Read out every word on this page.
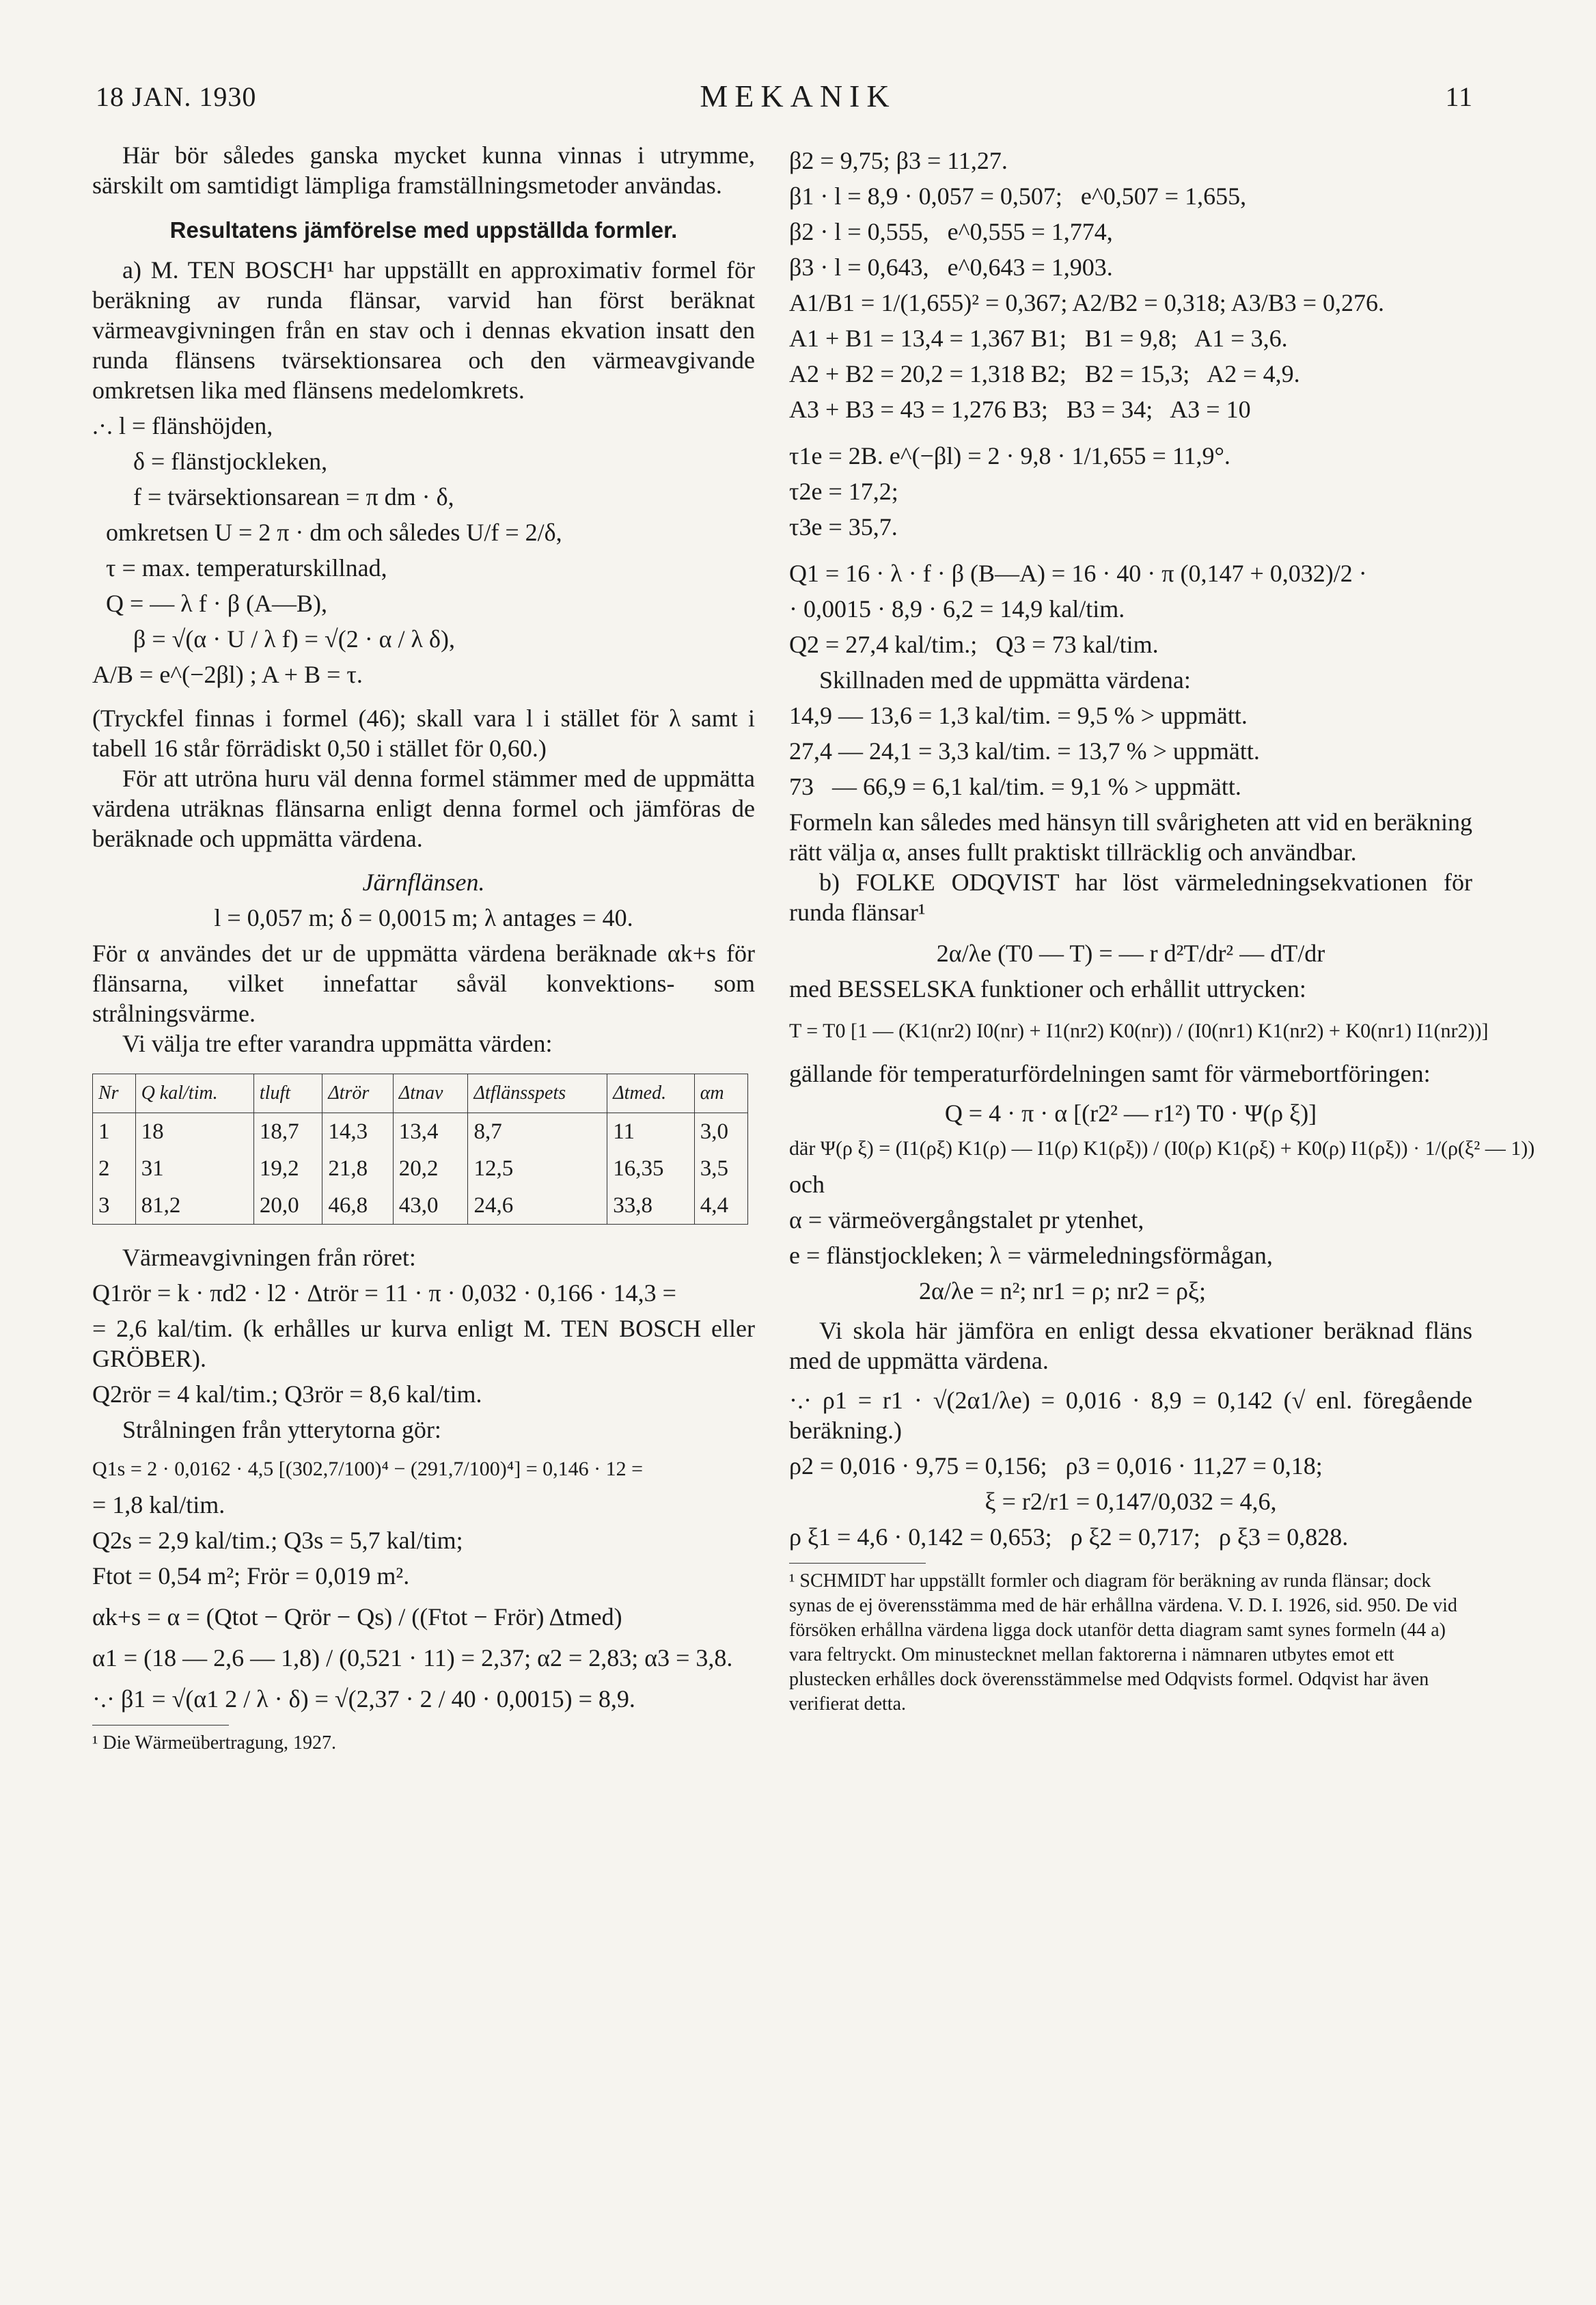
18 JAN. 1930	MEKANIK	11

Här bör således ganska mycket kunna vinnas i utrymme, särskilt om samtidigt lämpliga framställningsmetoder användas.

Resultatens jämförelse med uppställda formler.

a) M. TEN BOSCH¹ har uppställt en approximativ formel för beräkning av runda flänsar, varvid han först beräknat värmeavgivningen från en stav och i dennas ekvation insatt den runda flänsens tvärsektionsarea och den värmeavgivande omkretsen lika med flänsens medelomkrets.

.·. l = flänshöjden,
δ = flänstjockleken,
f = tvärsektionsarean = π dm · δ,
omkretsen U = 2 π · dm och således U/f = 2/δ,
τ = max. temperaturskillnad,
Q = — λ f · β (A—B),
β = √(α · U / λ f) = √(2 · α / λ δ),
A/B = e^(−2βl) ; A + B = τ.

(Tryckfel finnas i formel (46); skall vara l i stället för λ samt i tabell 16 står förrädiskt 0,50 i stället för 0,60.)

För att utröna huru väl denna formel stämmer med de uppmätta värdena uträknas flänsarna enligt denna formel och jämföras de beräknade och uppmätta värdena.

Järnflänsen.
l = 0,057 m; δ = 0,0015 m; λ antages = 40.

För α användes det ur de uppmätta värdena beräknade αk+s för flänsarna, vilket innefattar såväl konvektions- som strålningsvärme.

Vi välja tre efter varandra uppmätta värden:

Nr	Q kal/tim.	tluft	Δtrör	Δtnav	Δtflänsspets	Δtmed.	αm
1	18	18,7	14,3	13,4	8,7	11	3,0
2	31	19,2	21,8	20,2	12,5	16,35	3,5
3	81,2	20,0	46,8	43,0	24,6	33,8	4,4

Värmeavgivningen från röret:

Q1rör = k · πd2 · l2 · Δtrör = 11 · π · 0,032 · 0,166 · 14,3 =

= 2,6 kal/tim. (k erhålles ur kurva enligt M. TEN BOSCH eller GRÖBER).

Q2rör = 4 kal/tim.; Q3rör = 8,6 kal/tim.

Strålningen från ytterytorna gör:

Q1s = 2 · 0,0162 · 4,5 [(302,7/100)⁴ − (291,7/100)⁴] = 0,146 · 12 =
= 1,8 kal/tim.
Q2s = 2,9 kal/tim.; Q3s = 5,7 kal/tim;
Ftot = 0,54 m²; Frör = 0,019 m².
αk+s = α = (Qtot − Qrör − Qs) / ((Ftot − Frör) Δtmed)
α1 = (18 — 2,6 — 1,8) / (0,521 · 11) = 2,37; α2 = 2,83; α3 = 3,8.
·.· β1 = √(α1 2 / λ · δ) = √(2,37 · 2 / 40 · 0,0015) = 8,9.
¹ Die Wärmeübertragung, 1927.
β2 = 9,75; β3 = 11,27.
β1 · l = 8,9 · 0,057 = 0,507;   e^0,507 = 1,655,
β2 · l = 0,555,   e^0,555 = 1,774,
β3 · l = 0,643,   e^0,643 = 1,903.
A1/B1 = 1/(1,655)² = 0,367; A2/B2 = 0,318; A3/B3 = 0,276.
A1 + B1 = 13,4 = 1,367 B1;   B1 = 9,8;   A1 = 3,6.
A2 + B2 = 20,2 = 1,318 B2;   B2 = 15,3;   A2 = 4,9.
A3 + B3 = 43 = 1,276 B3;   B3 = 34;   A3 = 10
τ1e = 2B. e^(−βl) = 2 · 9,8 · 1/1,655 = 11,9°.
τ2e = 17,2;
τ3e = 35,7.
Q1 = 16 · λ · f · β (B—A) = 16 · 40 · π (0,147 + 0,032)/2 ·
· 0,0015 · 8,9 · 6,2 = 14,9 kal/tim.
Q2 = 27,4 kal/tim.;   Q3 = 73 kal/tim.

Skillnaden med de uppmätta värdena:

14,9 — 13,6 = 1,3 kal/tim. = 9,5 % > uppmätt.
27,4 — 24,1 = 3,3 kal/tim. = 13,7 % > uppmätt.
73   — 66,9 = 6,1 kal/tim. = 9,1 % > uppmätt.

Formeln kan således med hänsyn till svårigheten att vid en beräkning rätt välja α, anses fullt praktiskt tillräcklig och användbar.

b) FOLKE ODQVIST har löst värmeledningsekvationen för runda flänsar¹

2α/λe (T0 — T) = — r d²T/dr² — dT/dr

med BESSELSKA funktioner och erhållit uttrycken:

T = T0 [1 — (K1(nr2) I0(nr) + I1(nr2) K0(nr)) / (I0(nr1) K1(nr2) + K0(nr1) I1(nr2))]

gällande för temperaturfördelningen samt för värmebortföringen:

Q = 4 · π · α [(r2² — r1²) T0 · Ψ(ρ ξ)]
där Ψ(ρ ξ) = (I1(ρξ) K1(ρ) — I1(ρ) K1(ρξ)) / (I0(ρ) K1(ρξ) + K0(ρ) I1(ρξ)) · 1/(ρ(ξ² — 1))
och
α = värmeövergångstalet pr ytenhet,
e = flänstjockleken; λ = värmeledningsförmågan,
2α/λe = n²; nr1 = ρ; nr2 = ρξ;

Vi skola här jämföra en enligt dessa ekvationer beräknad fläns med de uppmätta värdena.

·.· ρ1 = r1 · √(2α1/λe) = 0,016 · 8,9 = 0,142 (√ enl. föregående beräkning.)

ρ2 = 0,016 · 9,75 = 0,156;   ρ3 = 0,016 · 11,27 = 0,18;
ξ = r2/r1 = 0,147/0,032 = 4,6,
ρ ξ1 = 4,6 · 0,142 = 0,653;   ρ ξ2 = 0,717;   ρ ξ3 = 0,828.
¹ SCHMIDT har uppställt formler och diagram för beräkning av runda flänsar; dock synas de ej överensstämma med de här erhållna värdena. V. D. I. 1926, sid. 950. De vid försöken erhållna värdena ligga dock utanför detta diagram samt synes formeln (44 a) vara feltryckt. Om minustecknet mellan faktorerna i nämnaren utbytes emot ett plustecken erhålles dock överensstämmelse med Odqvists formel. Odqvist har även verifierat detta.
